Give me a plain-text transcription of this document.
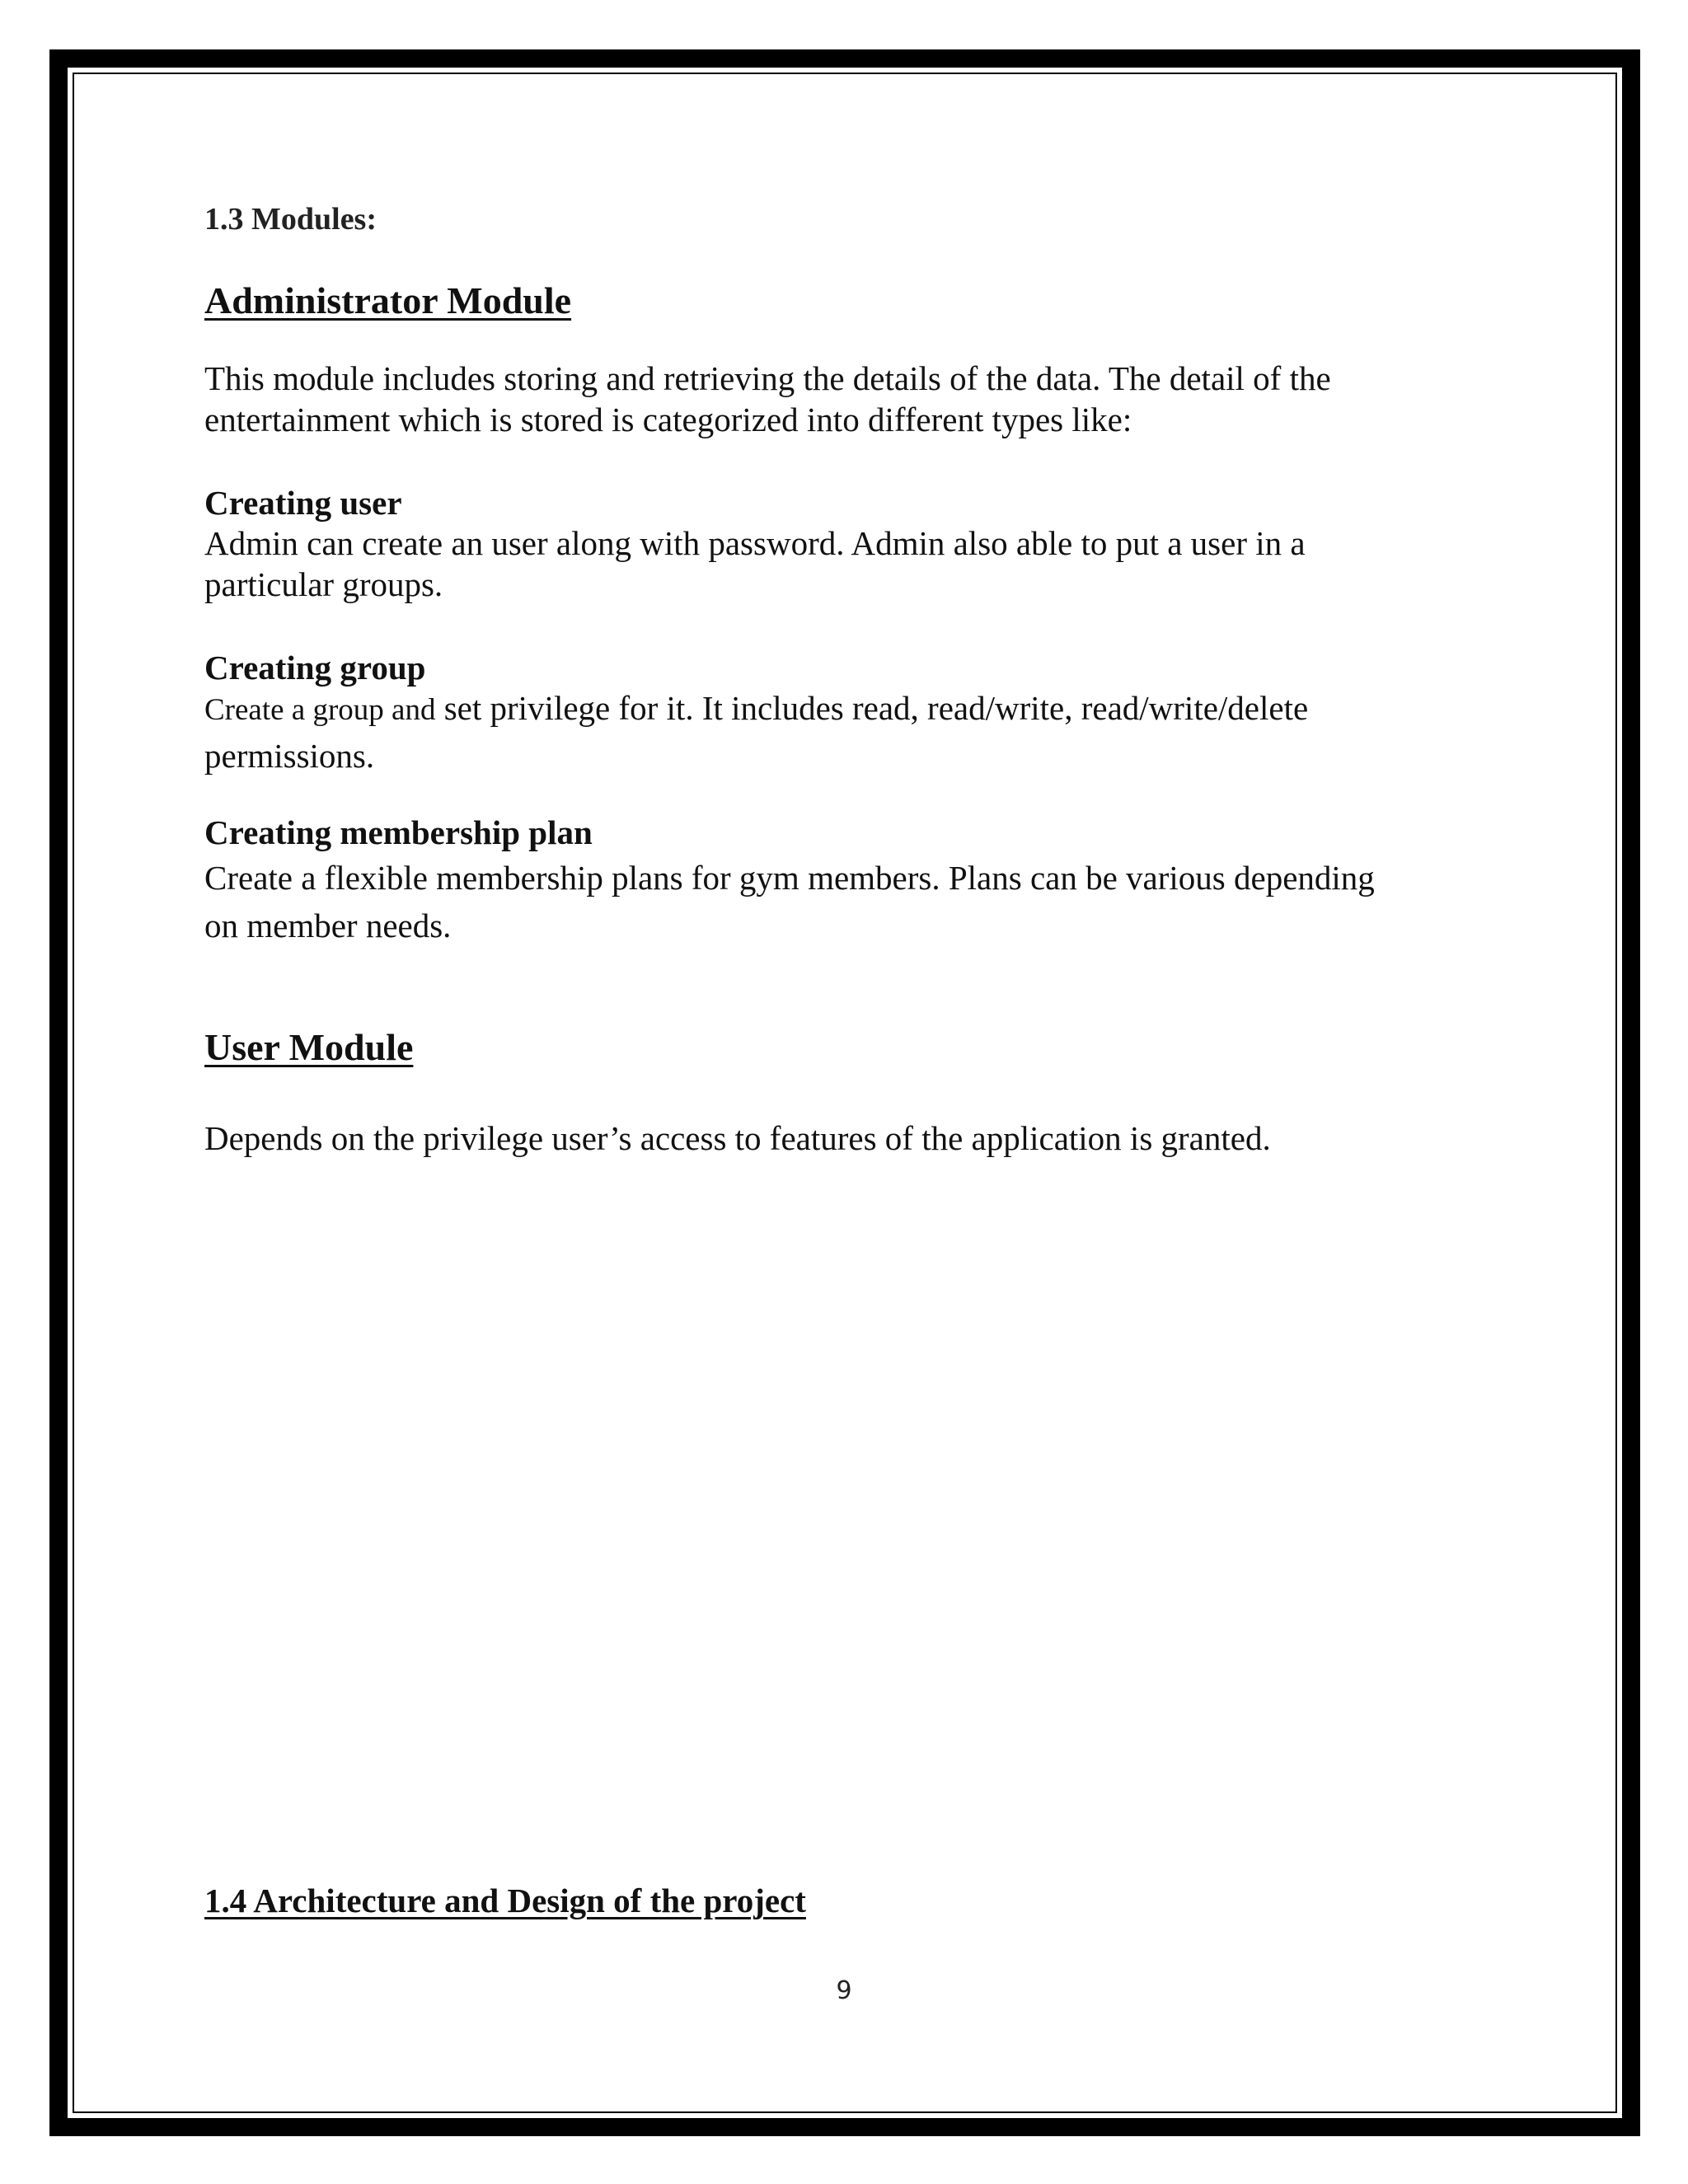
1.3 Modules:

Administrator Module

This module includes storing and retrieving the details of the data. The detail of the

entertainment which is stored is categorized into different types like:

Creating user

Admin can create an user along with password. Admin also able to put a user in a

particular groups.

Creating group

Create a group and set privilege for it. It includes read, read/write, read/write/delete

permissions.

Creating membership plan

Create a flexible membership plans for gym members. Plans can be various depending

on member needs.

User Module

Depends on the privilege user’s access to features of the application is granted.

1.4 Architecture and Design of the project

9
